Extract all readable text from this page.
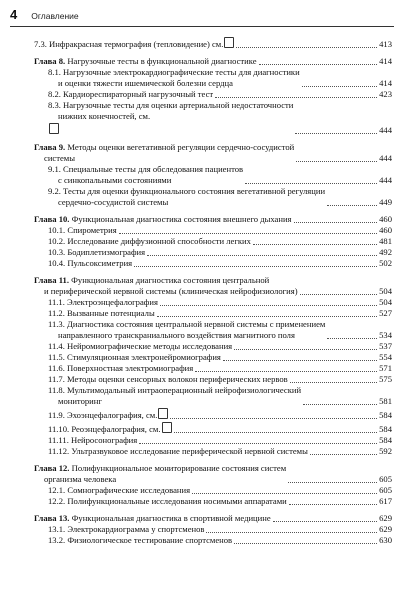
4 Оглавление
7.3. Инфракрасная термография (тепловидение) см.	413
Глава 8. Нагрузочные тесты в функциональной диагностике	414
8.1. Нагрузочные электрокардиографические тесты для диагностики
и оценки тяжести ишемической болезни сердца	414
8.2. Кардиореспираторный нагрузочный тест	423
8.3. Нагрузочные тесты для оценки артериальной недостаточности
нижних конечностей, см.
444
Глава 9. Методы оценки вегетативной регуляции сердечно-сосудистой
системы	444
9.1. Специальные тесты для обследования пациентов
с синкопальными состояниями	444
9.2. Тесты для оценки функционального состояния вегетативной регуляции
сердечно-сосудистой системы	449
Глава 10. Функциональная диагностика состояния внешнего дыхания	460
10.1. Спирометрия	460
10.2. Исследование диффузионной способности легких	481
10.3. Бодиплетизмография	492
10.4. Пульсоксиметрия	502
Глава 11. Функциональная диагностика состояния центральной
и периферической нервной системы (клиническая нейрофизиология)	504
11.1. Электроэнцефалография	504
11.2. Вызванные потенциалы	527
11.3. Диагностика состояния центральной нервной системы с применением
направленного транскраниального воздействия магнитного поля	534
11.4. Нейромиографические методы исследования	537
11.5. Стимуляционная электронейромиография	554
11.6. Поверхностная электромиография	571
11.7. Методы оценки сенсорных волокон периферических нервов	575
11.8. Мультимодальный интраоперационный нейрофизиологический
мониторинг	581
11.9. Эхоэнцефалография, см.	584
11.10. Реоэнцефалография, см.	584
11.11. Нейросонография	584
11.12. Ультразвуковое исследование периферической нервной системы	592
Глава 12. Полифункциональное мониторирование состояния систем
организма человека	605
12.1. Сомнографические исследования	605
12.2. Полифункциональные исследования носимыми аппаратами	617
Глава 13. Функциональная диагностика в спортивной медицине	629
13.1. Электрокардиограмма у спортсменов	629
13.2. Физиологическое тестирование спортсменов	630
